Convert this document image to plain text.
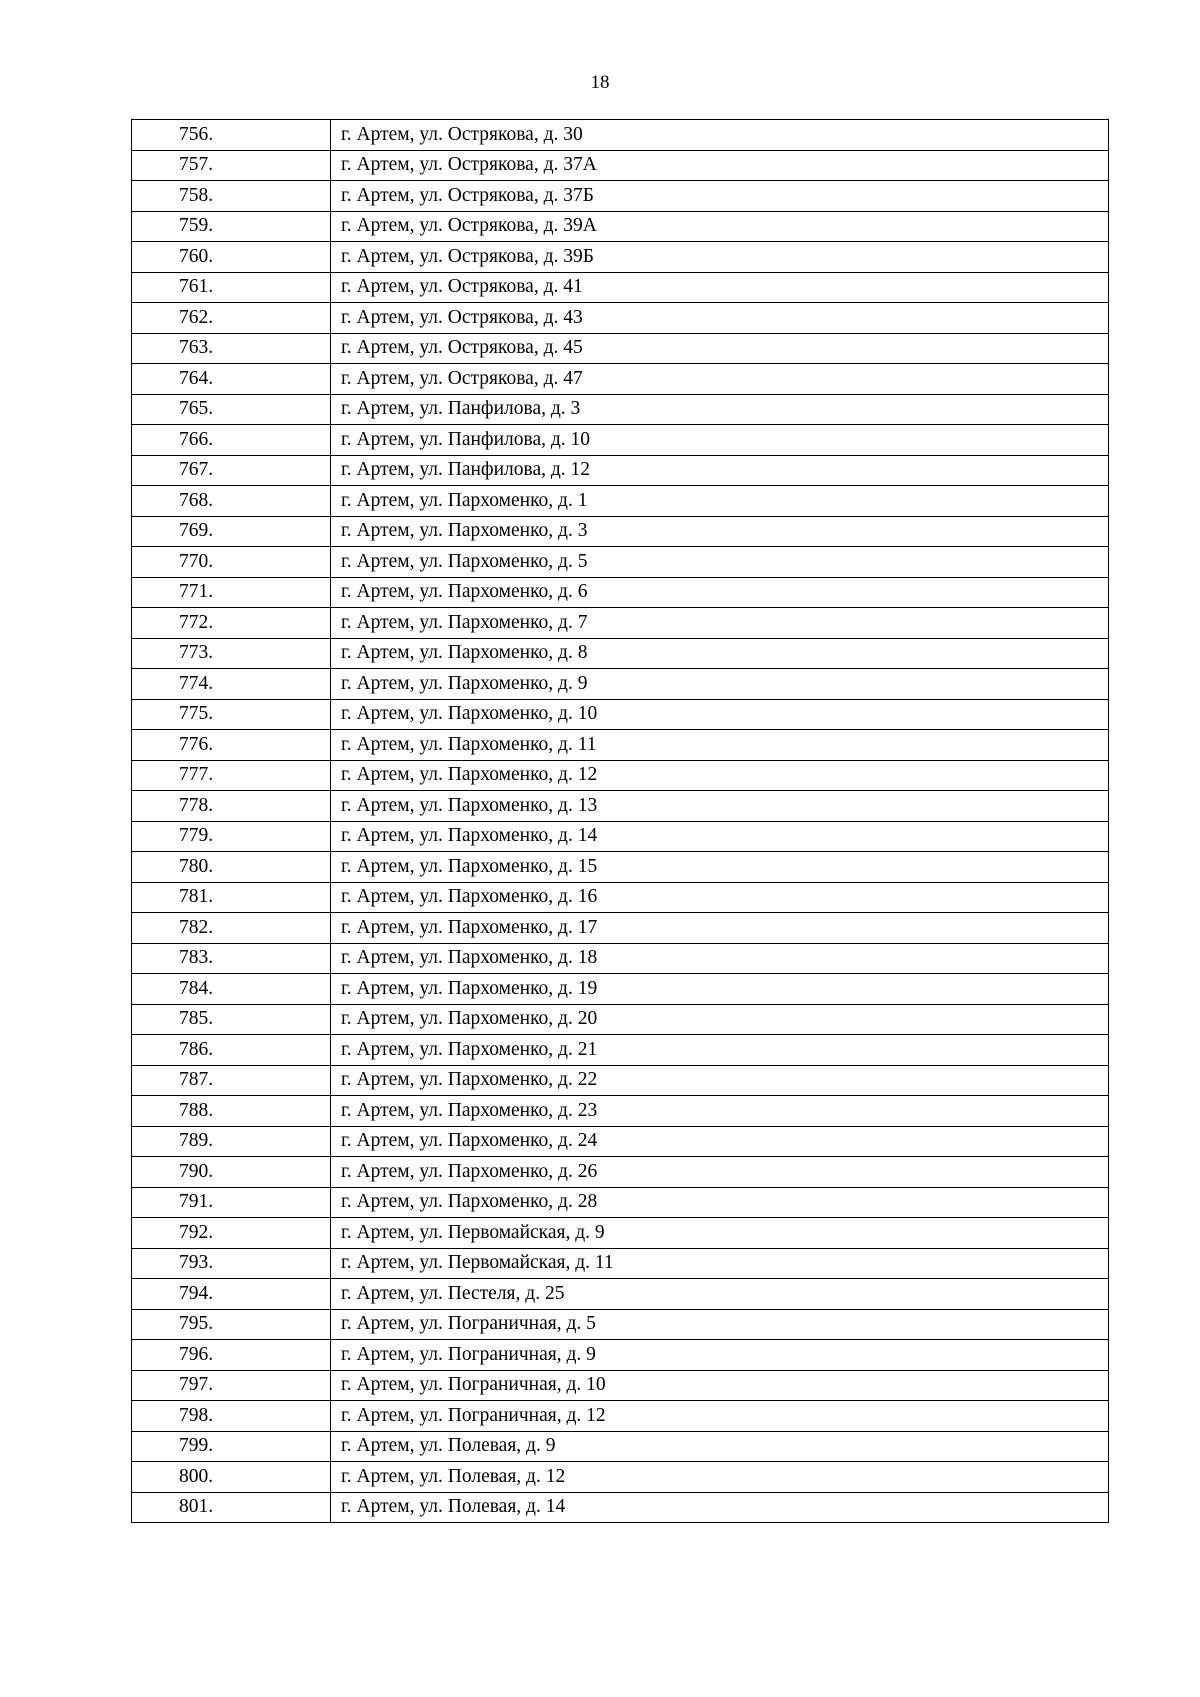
18
756.	г. Артем, ул. Острякова, д. 30
757.	г. Артем, ул. Острякова, д. 37А
758.	г. Артем, ул. Острякова, д. 37Б
759.	г. Артем, ул. Острякова, д. 39А
760.	г. Артем, ул. Острякова, д. 39Б
761.	г. Артем, ул. Острякова, д. 41
762.	г. Артем, ул. Острякова, д. 43
763.	г. Артем, ул. Острякова, д. 45
764.	г. Артем, ул. Острякова, д. 47
765.	г. Артем, ул. Панфилова, д. 3
766.	г. Артем, ул. Панфилова, д. 10
767.	г. Артем, ул. Панфилова, д. 12
768.	г. Артем, ул. Пархоменко, д. 1
769.	г. Артем, ул. Пархоменко, д. 3
770.	г. Артем, ул. Пархоменко, д. 5
771.	г. Артем, ул. Пархоменко, д. 6
772.	г. Артем, ул. Пархоменко, д. 7
773.	г. Артем, ул. Пархоменко, д. 8
774.	г. Артем, ул. Пархоменко, д. 9
775.	г. Артем, ул. Пархоменко, д. 10
776.	г. Артем, ул. Пархоменко, д. 11
777.	г. Артем, ул. Пархоменко, д. 12
778.	г. Артем, ул. Пархоменко, д. 13
779.	г. Артем, ул. Пархоменко, д. 14
780.	г. Артем, ул. Пархоменко, д. 15
781.	г. Артем, ул. Пархоменко, д. 16
782.	г. Артем, ул. Пархоменко, д. 17
783.	г. Артем, ул. Пархоменко, д. 18
784.	г. Артем, ул. Пархоменко, д. 19
785.	г. Артем, ул. Пархоменко, д. 20
786.	г. Артем, ул. Пархоменко, д. 21
787.	г. Артем, ул. Пархоменко, д. 22
788.	г. Артем, ул. Пархоменко, д. 23
789.	г. Артем, ул. Пархоменко, д. 24
790.	г. Артем, ул. Пархоменко, д. 26
791.	г. Артем, ул. Пархоменко, д. 28
792.	г. Артем, ул. Первомайская, д. 9
793.	г. Артем, ул. Первомайская, д. 11
794.	г. Артем, ул. Пестеля, д. 25
795.	г. Артем, ул. Пограничная, д. 5
796.	г. Артем, ул. Пограничная, д. 9
797.	г. Артем, ул. Пограничная, д. 10
798.	г. Артем, ул. Пограничная, д. 12
799.	г. Артем, ул. Полевая, д. 9
800.	г. Артем, ул. Полевая, д. 12
801.	г. Артем, ул. Полевая, д. 14
